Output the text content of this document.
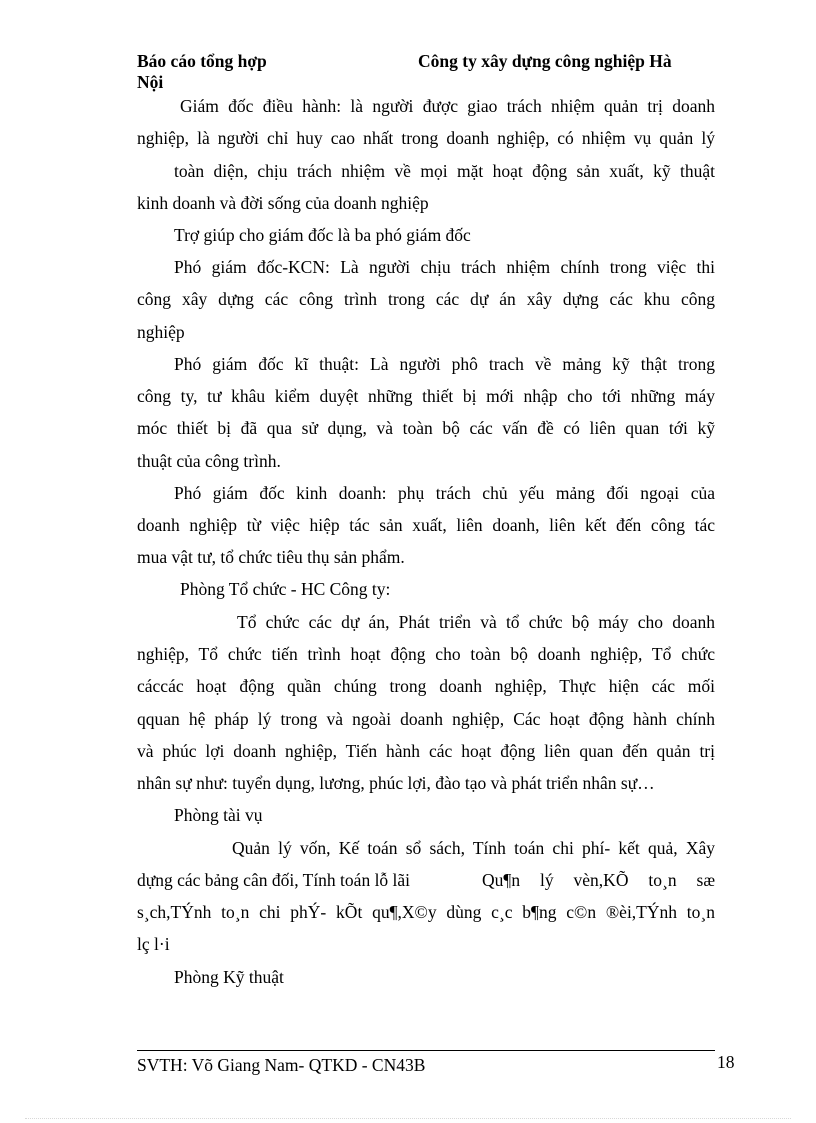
Báo cáo tổng hợp	Công ty xây dựng công nghiệp Hà
Nội
Giám đốc điều hành: là người được giao trách nhiệm quản trị doanh
nghiệp, là người chỉ huy cao nhất trong doanh nghiệp, có nhiệm vụ quản lý
toàn diện, chịu trách nhiệm về mọi mặt hoạt động sản xuất, kỹ thuật
kinh doanh và đời sống của doanh nghiệp
Trợ giúp cho giám đốc là ba phó giám đốc
Phó giám đốc-KCN: Là người chịu trách nhiệm chính trong việc thi
công xây dựng các công trình trong các dự án xây dựng các khu công
nghiệp
Phó giám đốc kĩ thuật: Là người phô trach về mảng kỹ thật trong
công ty, tư khâu kiểm duyệt những thiết bị mới nhập cho tới những máy
móc thiết bị đã qua sử dụng, và toàn bộ các vấn đề có liên quan tới kỹ
thuật của công trình.
Phó giám đốc kinh doanh: phụ trách chủ yếu mảng đối ngoại của
doanh nghiệp từ việc hiệp tác sản xuất, liên doanh, liên kết đến công tác
mua vật tư, tổ chức tiêu thụ sản phẩm.
Phòng Tổ chức - HC Công ty:
Tổ chức các dự án, Phát triển và tổ chức bộ máy cho doanh
nghiệp, Tổ chức tiến trình hoạt động cho toàn bộ doanh nghiệp, Tổ chức
cáccác hoạt động quần chúng trong doanh nghiệp, Thực hiện các mối
qquan hệ pháp lý trong và ngoài doanh nghiệp, Các hoạt động hành chính
và phúc lợi doanh nghiệp, Tiến hành các hoạt động liên quan đến quản trị
nhân sự như: tuyển dụng, lương, phúc lợi, đào tạo và phát triển nhân sự…
Phòng tài vụ
Quản lý vốn, Kế toán sổ sách, Tính toán chi phí- kết quả, Xây
dựng các bảng cân đối, Tính toán lỗ lãi	Qu¶n lý vèn,KÕ to¸n sæ
s¸ch,TÝnh to¸n chi phÝ- kÕt qu¶,X©y dùng c¸c b¶ng c©n ®èi,TÝnh to¸n
lç l·i
Phòng Kỹ thuật
SVTH: Võ Giang Nam- QTKD - CN43B	18
